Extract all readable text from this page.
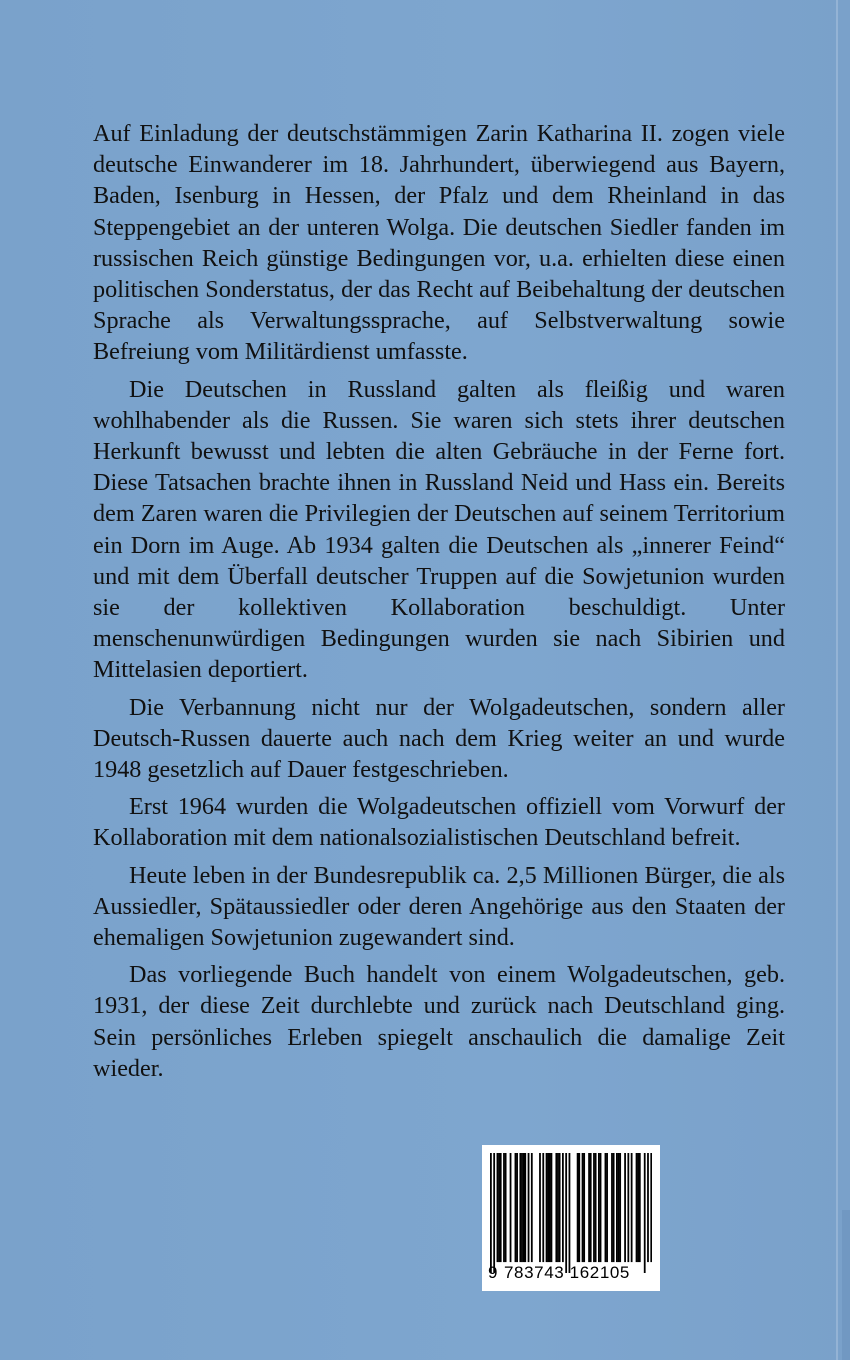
Auf Einladung der deutschstämmigen Zarin Katharina II. zogen viele deutsche Einwanderer im 18. Jahrhundert, überwiegend aus Bayern, Baden, Isenburg in Hessen, der Pfalz und dem Rheinland in das Steppengebiet an der unteren Wolga. Die deutschen Siedler fanden im russischen Reich günstige Bedingungen vor, u.a. erhielten diese einen politischen Sonderstatus, der das Recht auf Beibehaltung der deutschen Sprache als Verwaltungssprache, auf Selbstverwaltung sowie Befreiung vom Militärdienst umfasste.

Die Deutschen in Russland galten als fleißig und waren wohlhabender als die Russen. Sie waren sich stets ihrer deutschen Herkunft bewusst und lebten die alten Gebräuche in der Ferne fort. Diese Tatsachen brachte ihnen in Russland Neid und Hass ein. Bereits dem Zaren waren die Privilegien der Deutschen auf seinem Territorium ein Dorn im Auge. Ab 1934 galten die Deutschen als „innerer Feind“ und mit dem Überfall deutscher Truppen auf die Sowjetunion wurden sie der kollektiven Kollaboration beschuldigt. Unter menschenunwürdigen Bedingungen wurden sie nach Sibirien und Mittelasien deportiert.

Die Verbannung nicht nur der Wolgadeutschen, sondern aller Deutsch-Russen dauerte auch nach dem Krieg weiter an und wurde 1948 gesetzlich auf Dauer festgeschrieben.

Erst 1964 wurden die Wolgadeutschen offiziell vom Vorwurf der Kollaboration mit dem nationalsozialistischen Deutschland befreit.

Heute leben in der Bundesrepublik ca. 2,5 Millionen Bürger, die als Aussiedler, Spätaussiedler oder deren Angehörige aus den Staaten der ehemaligen Sowjetunion zugewandert sind.

Das vorliegende Buch handelt von einem Wolgadeutschen, geb. 1931, der diese Zeit durchlebte und zurück nach Deutschland ging. Sein persönliches Erleben spiegelt anschaulich die damalige Zeit wieder.

9 783743 162105
